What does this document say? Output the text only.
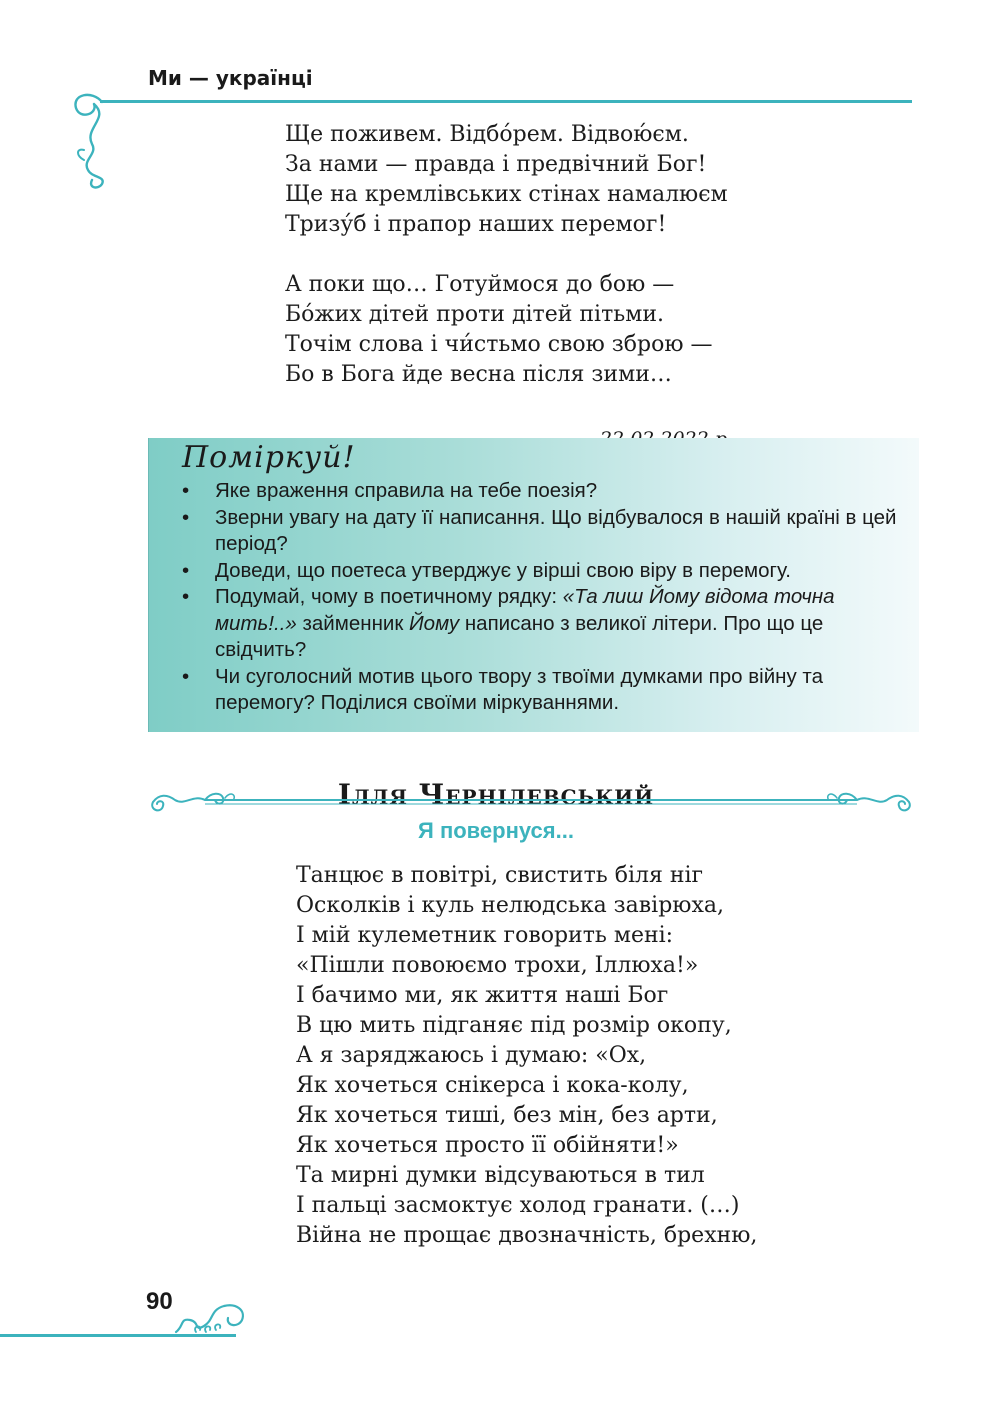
Ми — українці
Ще поживем. Відбо́рем. Відвою́єм.
За нами — правда і предвічний Бог!
Ще на кремлівських стінах намалюєм
Тризу́б і прапор наших перемог!
А поки що… Готуймося до бою —
Бо́жих дітей проти дітей пітьми.
Точім слова і чи́стьмо свою зброю —
Бо в Бога йде весна після зими…
Поміркуй!
•	Яке враження справила на тебе поезія?
•	Зверни увагу на дату її написання. Що відбувалося в нашій країні в цей період?
•	Доведи, що поетеса утверджує у вірші свою віру в перемогу.
•	Подумай, чому в поетичному рядку: «Та лиш Йому відома точна мить!..» займенник Йому написано з великої літери. Про що це свідчить?
•	Чи суголосний мотив цього твору з твоїми думками про війну та перемогу? Поділися своїми міркуваннями.
Ілля Чернілевський
Я повернуся...
Танцює в повітрі, свистить біля ніг
Осколків і куль нелюдська завірюха,
І мій кулеметник говорить мені:
«Пішли повоюємо трохи, Іллюха!»
І бачимо ми, як життя наші Бог
В цю мить підганяє під розмір окопу,
А я заряджаюсь і думаю: «Ох,
Як хочеться снікерса і кока-колу,
Як хочеться тиші, без мін, без арти,
Як хочеться просто її обійняти!»
Та мирні думки відсуваються в тил
І пальці засмоктує холод гранати. (…)
Війна не прощає двозначність, брехню,
90
